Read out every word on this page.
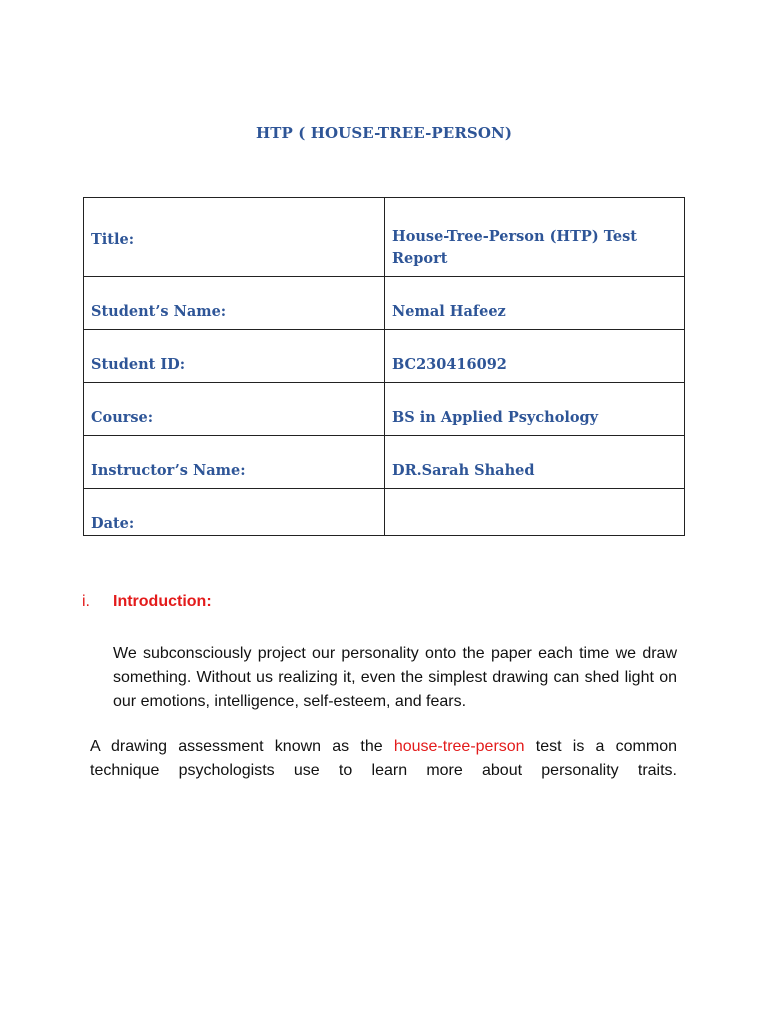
HTP ( HOUSE-TREE-PERSON)
Title:	House-Tree-Person (HTP) Test Report
Student’s Name:	Nemal Hafeez
Student ID:	BC230416092
Course:	BS in Applied Psychology
Instructor’s Name:	DR.Sarah Shahed
Date:	
i. Introduction:
We subconsciously project our personality onto the paper each time we draw something. Without us realizing it, even the simplest drawing can shed light on our emotions, intelligence, self-esteem, and fears.
A drawing assessment known as the house-tree-person test is a common technique psychologists use to learn more about personality traits.
